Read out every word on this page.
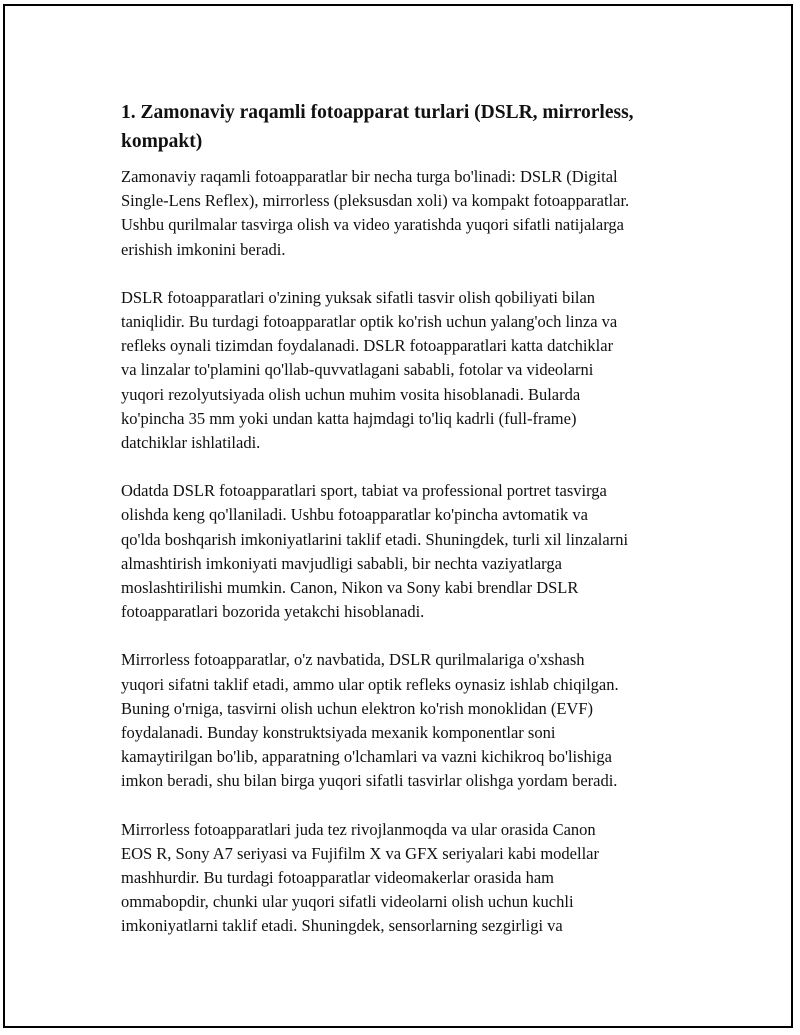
1. Zamonaviy raqamli fotoapparat turlari (DSLR, mirrorless,
kompakt)

Zamonaviy raqamli fotoapparatlar bir necha turga bo'linadi: DSLR (Digital
Single-Lens Reflex), mirrorless (pleksusdan xoli) va kompakt fotoapparatlar.
Ushbu qurilmalar tasvirga olish va video yaratishda yuqori sifatli natijalarga
erishish imkonini beradi.

DSLR fotoapparatlari o'zining yuksak sifatli tasvir olish qobiliyati bilan
taniqlidir. Bu turdagi fotoapparatlar optik ko'rish uchun yalang'och linza va
refleks oynali tizimdan foydalanadi. DSLR fotoapparatlari katta datchiklar
va linzalar to'plamini qo'llab-quvvatlagani sababli, fotolar va videolarni
yuqori rezolyutsiyada olish uchun muhim vosita hisoblanadi. Bularda
ko'pincha 35 mm yoki undan katta hajmdagi to'liq kadrli (full-frame)
datchiklar ishlatiladi.

Odatda DSLR fotoapparatlari sport, tabiat va professional portret tasvirga
olishda keng qo'llaniladi. Ushbu fotoapparatlar ko'pincha avtomatik va
qo'lda boshqarish imkoniyatlarini taklif etadi. Shuningdek, turli xil linzalarni
almashtirish imkoniyati mavjudligi sababli, bir nechta vaziyatlarga
moslashtirilishi mumkin. Canon, Nikon va Sony kabi brendlar DSLR
fotoapparatlari bozorida yetakchi hisoblanadi.

Mirrorless fotoapparatlar, o'z navbatida, DSLR qurilmalariga o'xshash
yuqori sifatni taklif etadi, ammo ular optik refleks oynasiz ishlab chiqilgan.
Buning o'rniga, tasvirni olish uchun elektron ko'rish monoklidan (EVF)
foydalanadi. Bunday konstruktsiyada mexanik komponentlar soni
kamaytirilgan bo'lib, apparatning o'lchamlari va vazni kichikroq bo'lishiga
imkon beradi, shu bilan birga yuqori sifatli tasvirlar olishga yordam beradi.

Mirrorless fotoapparatlari juda tez rivojlanmoqda va ular orasida Canon
EOS R, Sony A7 seriyasi va Fujifilm X va GFX seriyalari kabi modellar
mashhurdir. Bu turdagi fotoapparatlar videomakerlar orasida ham
ommabopdir, chunki ular yuqori sifatli videolarni olish uchun kuchli
imkoniyatlarni taklif etadi. Shuningdek, sensorlarning sezgirligi va
